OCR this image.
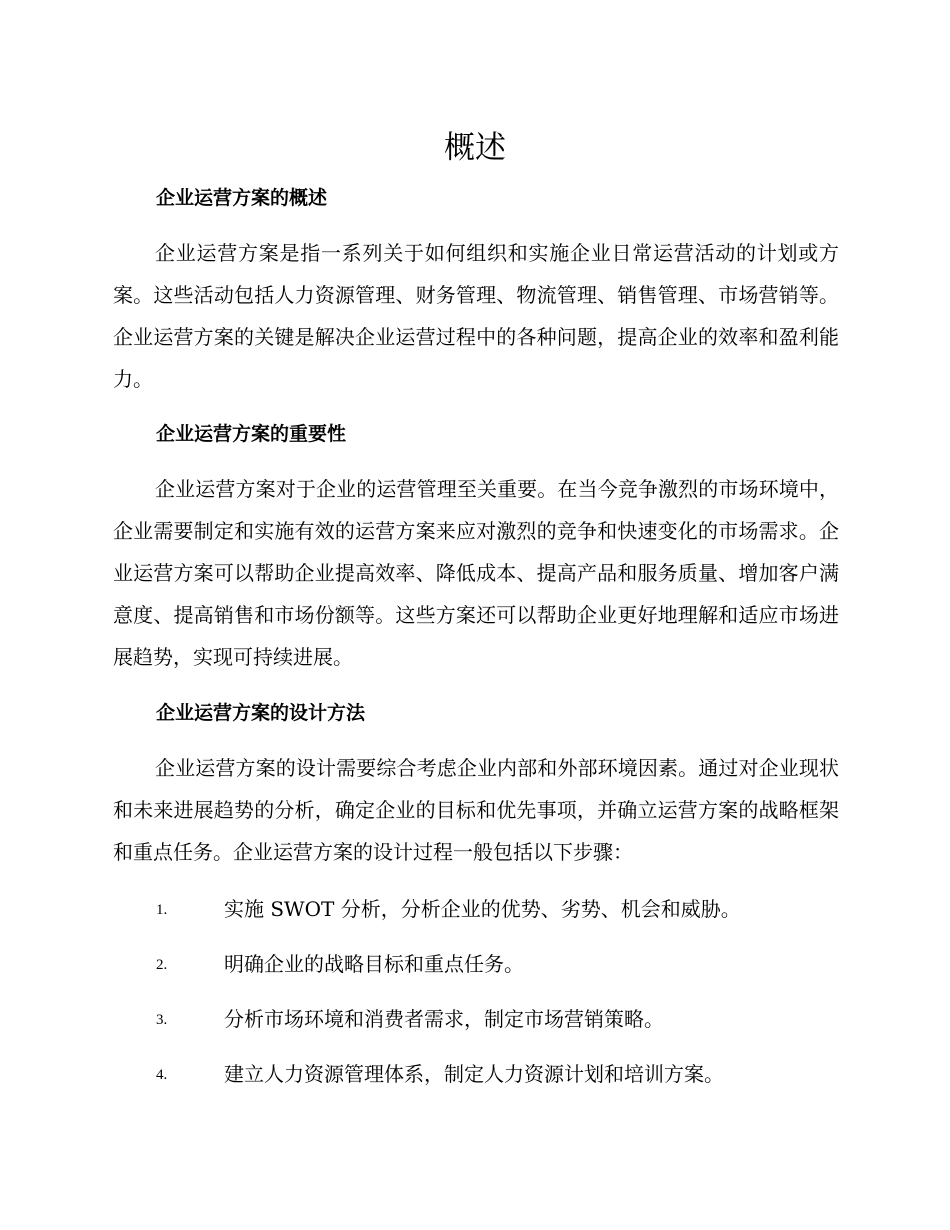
概述
企业运营方案的概述

企业运营方案是指一系列关于如何组织和实施企业日常运营活动的计划或方案。这些活动包括人力资源管理、财务管理、物流管理、销售管理、市场营销等。企业运营方案的关键是解决企业运营过程中的各种问题，提高企业的效率和盈利能力。

企业运营方案的重要性

企业运营方案对于企业的运营管理至关重要。在当今竞争激烈的市场环境中，企业需要制定和实施有效的运营方案来应对激烈的竞争和快速变化的市场需求。企业运营方案可以帮助企业提高效率、降低成本、提高产品和服务质量、增加客户满意度、提高销售和市场份额等。这些方案还可以帮助企业更好地理解和适应市场进展趋势，实现可持续进展。

企业运营方案的设计方法

企业运营方案的设计需要综合考虑企业内部和外部环境因素。通过对企业现状和未来进展趋势的分析，确定企业的目标和优先事项，并确立运营方案的战略框架和重点任务。企业运营方案的设计过程一般包括以下步骤：

1.	实施 SWOT 分析，分析企业的优势、劣势、机会和威胁。
2.	明确企业的战略目标和重点任务。
3.	分析市场环境和消费者需求，制定市场营销策略。
4.	建立人力资源管理体系，制定人力资源计划和培训方案。
